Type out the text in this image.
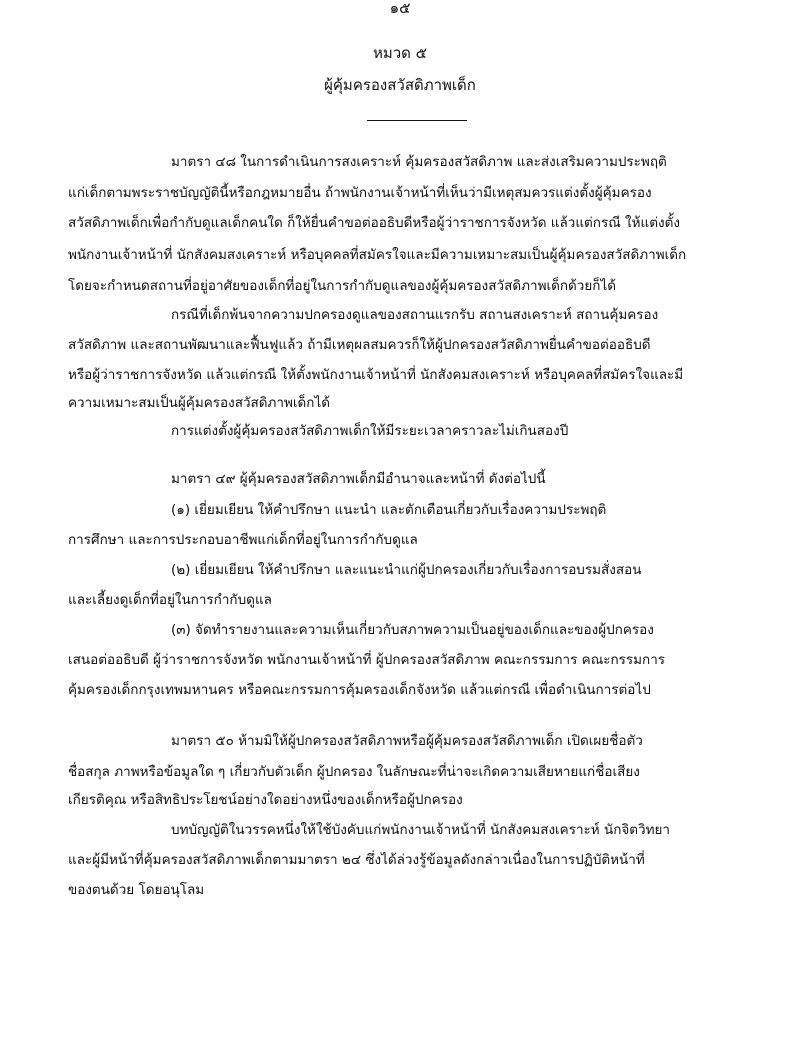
๑๕
หมวด ๕
ผู้คุ้มครองสวัสดิภาพเด็ก
มาตรา ๔๘ ในการดำเนินการสงเคราะห์ คุ้มครองสวัสดิภาพ และส่งเสริมความประพฤติ
แก่เด็กตามพระราชบัญญัตินี้หรือกฎหมายอื่น ถ้าพนักงานเจ้าหน้าที่เห็นว่ามีเหตุสมควรแต่งตั้งผู้คุ้มครอง
สวัสดิภาพเด็กเพื่อกำกับดูแลเด็กคนใด ก็ให้ยื่นคำขอต่ออธิบดีหรือผู้ว่าราชการจังหวัด แล้วแต่กรณี ให้แต่งตั้ง
พนักงานเจ้าหน้าที่ นักสังคมสงเคราะห์ หรือบุคคลที่สมัครใจและมีความเหมาะสมเป็นผู้คุ้มครองสวัสดิภาพเด็ก
โดยจะกำหนดสถานที่อยู่อาศัยของเด็กที่อยู่ในการกำกับดูแลของผู้คุ้มครองสวัสดิภาพเด็กด้วยก็ได้
กรณีที่เด็กพ้นจากความปกครองดูแลของสถานแรกรับ สถานสงเคราะห์ สถานคุ้มครอง
สวัสดิภาพ และสถานพัฒนาและฟื้นฟูแล้ว ถ้ามีเหตุผลสมควรก็ให้ผู้ปกครองสวัสดิภาพยื่นคำขอต่ออธิบดี
หรือผู้ว่าราชการจังหวัด แล้วแต่กรณี ให้ตั้งพนักงานเจ้าหน้าที่ นักสังคมสงเคราะห์ หรือบุคคลที่สมัครใจและมี
ความเหมาะสมเป็นผู้คุ้มครองสวัสดิภาพเด็กได้
การแต่งตั้งผู้คุ้มครองสวัสดิภาพเด็กให้มีระยะเวลาคราวละไม่เกินสองปี
มาตรา ๔๙ ผู้คุ้มครองสวัสดิภาพเด็กมีอำนาจและหน้าที่ ดังต่อไปนี้
(๑) เยี่ยมเยียน ให้คำปรึกษา แนะนำ และตักเตือนเกี่ยวกับเรื่องความประพฤติ
การศึกษา และการประกอบอาชีพแก่เด็กที่อยู่ในการกำกับดูแล
(๒) เยี่ยมเยียน ให้คำปรึกษา และแนะนำแก่ผู้ปกครองเกี่ยวกับเรื่องการอบรมสั่งสอน
และเลี้ยงดูเด็กที่อยู่ในการกำกับดูแล
(๓) จัดทำรายงานและความเห็นเกี่ยวกับสภาพความเป็นอยู่ของเด็กและของผู้ปกครอง
เสนอต่ออธิบดี ผู้ว่าราชการจังหวัด พนักงานเจ้าหน้าที่ ผู้ปกครองสวัสดิภาพ คณะกรรมการ คณะกรรมการ
คุ้มครองเด็กกรุงเทพมหานคร หรือคณะกรรมการคุ้มครองเด็กจังหวัด แล้วแต่กรณี เพื่อดำเนินการต่อไป
มาตรา ๕๐ ห้ามมิให้ผู้ปกครองสวัสดิภาพหรือผู้คุ้มครองสวัสดิภาพเด็ก เปิดเผยชื่อตัว
ชื่อสกุล ภาพหรือข้อมูลใด ๆ เกี่ยวกับตัวเด็ก ผู้ปกครอง ในลักษณะที่น่าจะเกิดความเสียหายแก่ชื่อเสียง
เกียรติคุณ หรือสิทธิประโยชน์อย่างใดอย่างหนึ่งของเด็กหรือผู้ปกครอง
บทบัญญัติในวรรคหนึ่งให้ใช้บังคับแก่พนักงานเจ้าหน้าที่ นักสังคมสงเคราะห์ นักจิตวิทยา
และผู้มีหน้าที่คุ้มครองสวัสดิภาพเด็กตามมาตรา ๒๔ ซึ่งได้ล่วงรู้ข้อมูลดังกล่าวเนื่องในการปฏิบัติหน้าที่
ของตนด้วย โดยอนุโลม
